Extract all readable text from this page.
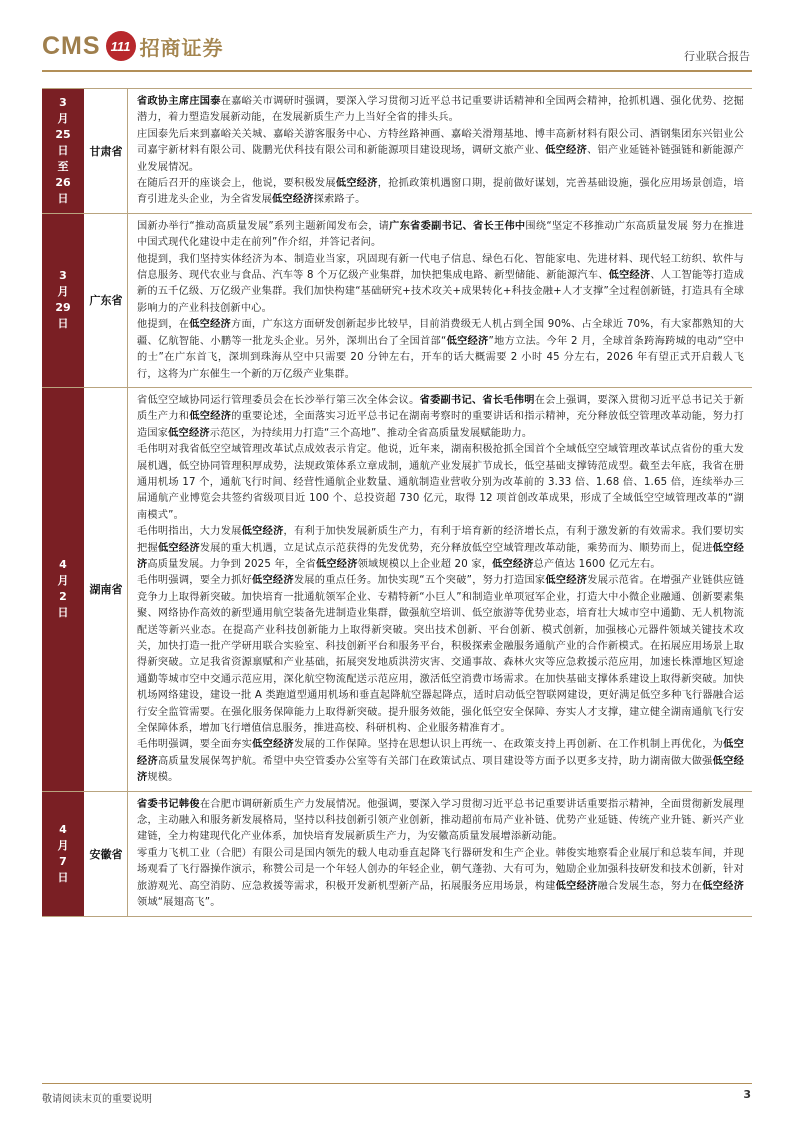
CMS 111 招商证券	行业联合报告
3
月
25
日
至
26
日
甘肃省

省政协主席庄国泰在嘉峪关市调研时强调，要深入学习贯彻习近平总书记重要讲话精神和全国两会精神，抢抓机遇、强化优势、挖掘潜力，着力塑造发展新动能，在发展新质生产力上当好全省的排头兵。

庄国泰先后来到嘉峪关关城、嘉峪关游客服务中心、方特丝路神画、嘉峪关滑翔基地、博丰高新材料有限公司、酒钢集团东兴铝业公司嘉宇新材料有限公司、陇鹏光伏科技有限公司和新能源项目建设现场，调研文旅产业、低空经济、铝产业延链补链强链和新能源产业发展情况。

在随后召开的座谈会上，他说，要积极发展低空经济，抢抓政策机遇窗口期，提前做好谋划，完善基础设施，强化应用场景创造，培育引进龙头企业，为全省发展低空经济探索路子。

3
月
29
日
广东省

国新办举行“推动高质量发展”系列主题新闻发布会，请广东省委副书记、省长王伟中围绕“坚定不移推动广东高质量发展 努力在推进中国式现代化建设中走在前列”作介绍，并答记者问。

他提到，我们坚持实体经济为本、制造业当家，巩固现有新一代电子信息、绿色石化、智能家电、先进材料、现代轻工纺织、软件与信息服务、现代农业与食品、汽车等 8 个万亿级产业集群，加快把集成电路、新型储能、新能源汽车、低空经济、人工智能等打造成新的五千亿级、万亿级产业集群。我们加快构建“基础研究+技术攻关+成果转化+科技金融+人才支撑”全过程创新链，打造具有全球影响力的产业科技创新中心。

他提到，在低空经济方面，广东这方面研发创新起步比较早，目前消费级无人机占到全国 90%、占全球近 70%，有大家都熟知的大疆、亿航智能、小鹏等一批龙头企业。另外，深圳出台了全国首部“低空经济”地方立法。今年 2 月，全球首条跨海跨城的电动“空中的士”在广东首飞，深圳到珠海从空中只需要 20 分钟左右，开车的话大概需要 2 小时 45 分左右，2026 年有望正式开启载人飞行，这将为广东催生一个新的万亿级产业集群。

4
月
2
日
湖南省

省低空空域协同运行管理委员会在长沙举行第三次全体会议。省委副书记、省长毛伟明在会上强调，要深入贯彻习近平总书记关于新质生产力和低空经济的重要论述，全面落实习近平总书记在湖南考察时的重要讲话和指示精神，充分释放低空管理改革动能，努力打造国家低空经济示范区，为持续用力打造“三个高地”、推动全省高质量发展赋能助力。

毛伟明对我省低空空域管理改革试点成效表示肯定。他说，近年来，湖南积极抢抓全国首个全域低空空域管理改革试点省份的重大发展机遇，低空协同管理积厚成势，法规政策体系立章成制，通航产业发展扩节成长，低空基础支撑铸范成型。截至去年底，我省在册通用机场 17 个，通航飞行时间、经营性通航企业数量、通航制造业营收分别为改革前的 3.33 倍、1.68 倍、1.65 倍，连续举办三届通航产业博览会共签约省级项目近 100 个、总投资超 730 亿元，取得 12 项首创改革成果，形成了全域低空空域管理改革的“湖南模式”。

毛伟明指出，大力发展低空经济，有利于加快发展新质生产力，有利于培育新的经济增长点，有利于激发新的有效需求。我们要切实把握低空经济发展的重大机遇，立足试点示范获得的先发优势，充分释放低空空域管理改革动能，乘势而为、顺势而上，促进低空经济高质量发展。力争到 2025 年，全省低空经济领域规模以上企业超 20 家，低空经济总产值达 1600 亿元左右。

毛伟明强调，要全力抓好低空经济发展的重点任务。加快实现“五个突破”，努力打造国家低空经济发展示范省。在增强产业链供应链竞争力上取得新突破。加快培育一批通航领军企业、专精特新“小巨人”和制造业单项冠军企业，打造大中小微企业融通、创新要素集聚、网络协作高效的新型通用航空装备先进制造业集群，做强航空培训、低空旅游等优势业态，培育壮大城市空中通勤、无人机物流配送等新兴业态。在提高产业科技创新能力上取得新突破。突出技术创新、平台创新、模式创新，加强核心元器件领域关键技术攻关，加快打造一批产学研用联合实验室、科技创新平台和服务平台，积极探索金融服务通航产业的合作新模式。在拓展应用场景上取得新突破。立足我省资源禀赋和产业基础，拓展突发地质洪涝灾害、交通事故、森林火灾等应急救援示范应用，加速长株潭地区短途通勤等城市空中交通示范应用，深化航空物流配送示范应用，激活低空消费市场需求。在加快基础支撑体系建设上取得新突破。加快机场网络建设，建设一批 A 类跑道型通用机场和垂直起降航空器起降点，适时启动低空智联网建设，更好满足低空多种飞行器融合运行安全监管需要。在强化服务保障能力上取得新突破。提升服务效能，强化低空安全保障、夯实人才支撑，建立健全湖南通航飞行安全保障体系，增加飞行增值信息服务，推进高校、科研机构、企业服务精准育才。

毛伟明强调，要全面夯实低空经济发展的工作保障。坚持在思想认识上再统一、在政策支持上再创新、在工作机制上再优化，为低空经济高质量发展保驾护航。希望中央空管委办公室等有关部门在政策试点、项目建设等方面予以更多支持，助力湖南做大做强低空经济规模。

4
月
7
日
安徽省

省委书记韩俊在合肥市调研新质生产力发展情况。他强调，要深入学习贯彻习近平总书记重要讲话重要指示精神，全面贯彻新发展理念，主动融入和服务新发展格局，坚持以科技创新引领产业创新，推动超前布局产业补链、优势产业延链、传统产业升链、新兴产业建链，全力构建现代化产业体系，加快培育发展新质生产力，为安徽高质量发展增添新动能。

零重力飞机工业（合肥）有限公司是国内领先的载人电动垂直起降飞行器研发和生产企业。韩俊实地察看企业展厅和总装车间，并现场观看了飞行器操作演示，称赞公司是一个年轻人创办的年轻企业，朝气蓬勃、大有可为，勉励企业加强科技研发和技术创新，针对旅游观光、高空消防、应急救援等需求，积极开发新机型新产品，拓展服务应用场景，构建低空经济融合发展生态，努力在低空经济领域“展翅高飞”。

敬请阅读末页的重要说明	3
